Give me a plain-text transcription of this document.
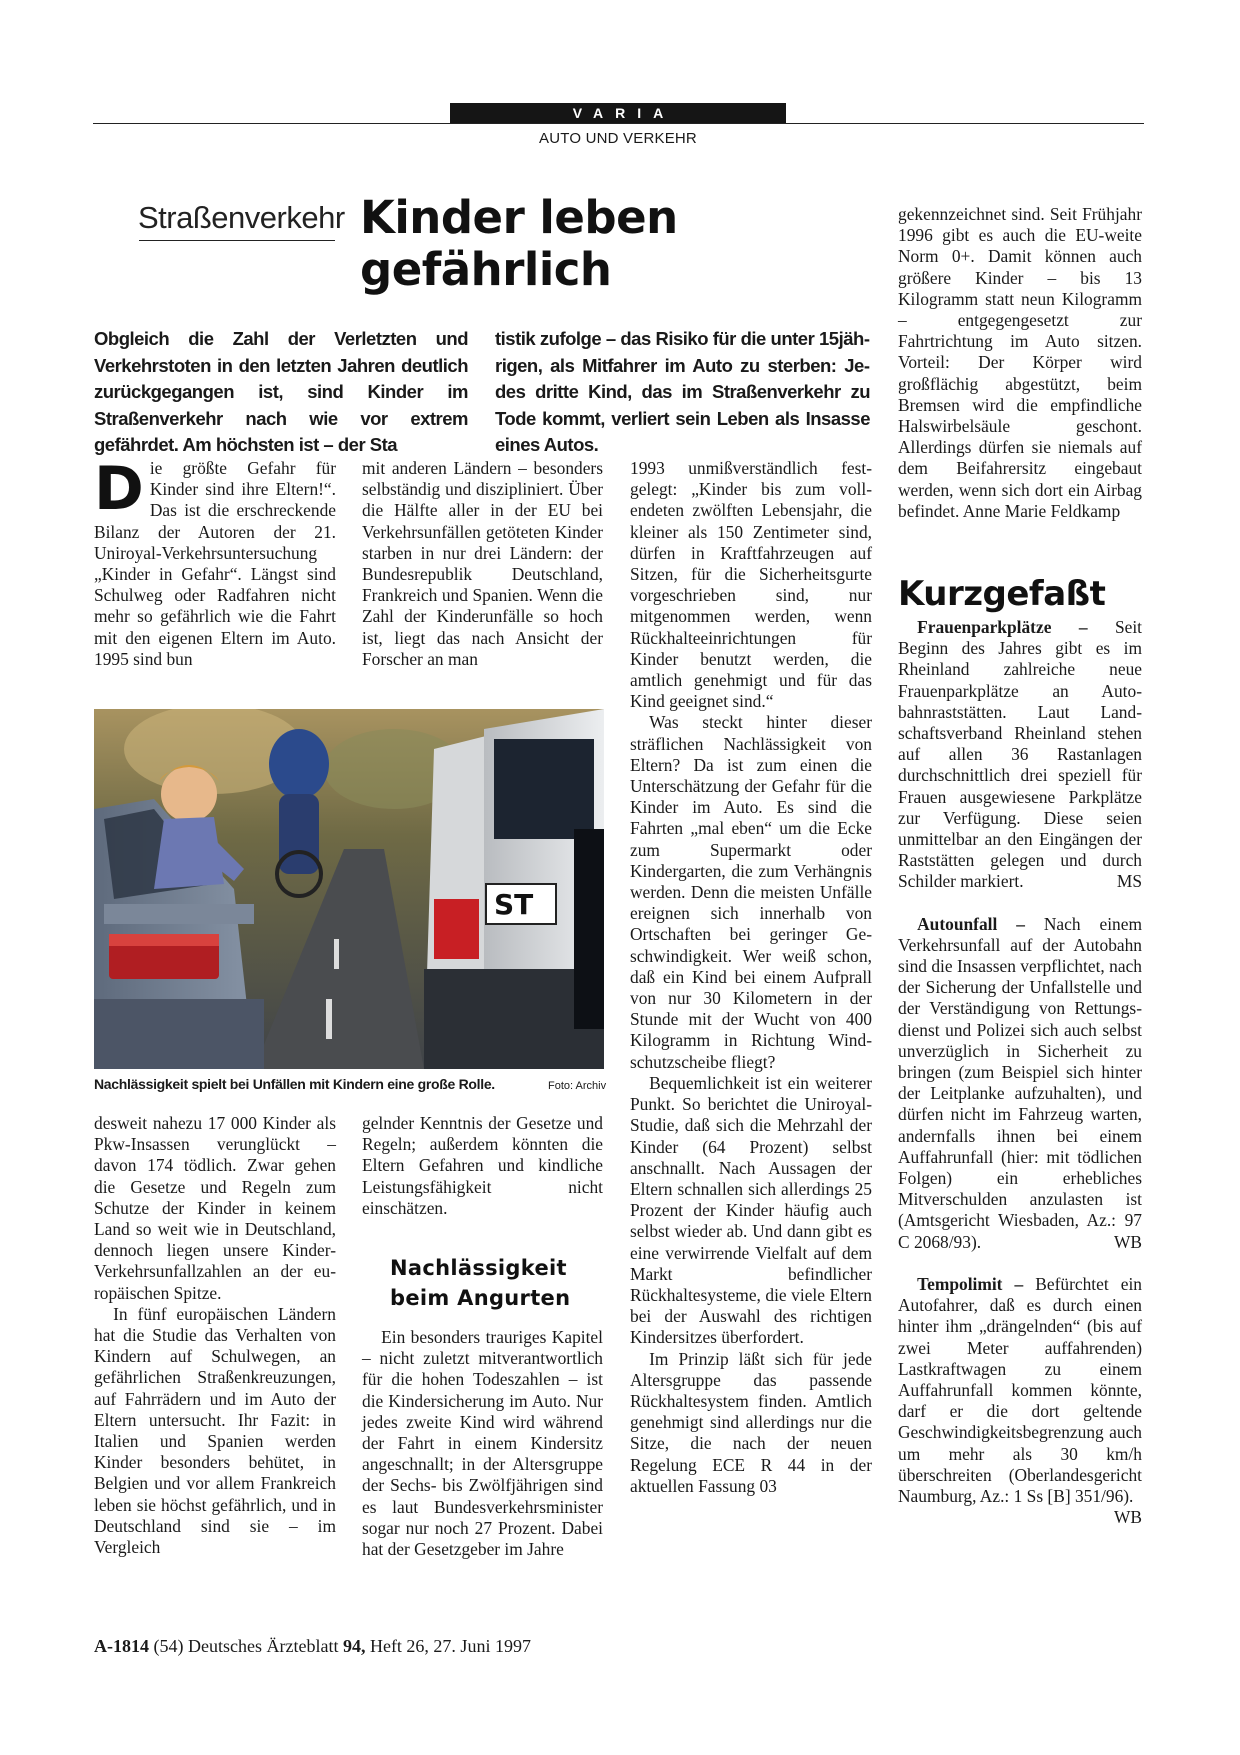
VARIA
AUTO UND VERKEHR
Straßenverkehr Kinder leben
gefährlich
Obgleich die Zahl der Verletzten und Verkehrstoten in den letzten Jahren deutlich zurückgegangen ist, sind Kinder im Straßenverkehr nach wie vor extrem gefährdet. Am höchsten ist – der Sta
tistik zufolge – das Risiko für die unter 15jährigen, als Mitfahrer im Auto zu sterben: Jedes dritte Kind, das im Straßenverkehr zu Tode kommt, verliert sein Leben als Insasse eines Autos.

Die größte Gefahr für Kinder sind ihre Eltern!“. Das ist die erschreckende Bilanz der Autoren der 21. Uniroyal-Verkehrsuntersuchung „Kinder in Gefahr“. Längst sind Schulweg oder Radfahren nicht mehr so gefährlich wie die Fahrt mit den eigenen Eltern im Auto. 1995 sind bun

mit anderen Ländern – besonders selbständig und diszipliniert. Über die Hälfte aller in der EU bei Verkehrsunfällen getöteten Kinder starben in nur drei Ländern: der Bundesrepublik Deutschland, Frankreich und Spanien. Wenn die Zahl der Kinderunfälle so hoch ist, liegt das nach Ansicht der Forscher an man

ST
Nachlässigkeit spielt bei Unfällen mit Kindern eine große Rolle.	Foto: Archiv

desweit nahezu 17 000 Kinder als Pkw-Insassen verunglückt – davon 174 tödlich. Zwar gehen die Gesetze und Regeln zum Schutze der Kinder in keinem Land so weit wie in Deutschland, dennoch liegen unsere Kinder-Verkehrsunfallzahlen an der europäischen Spitze.

In fünf europäischen Ländern hat die Studie das Verhalten von Kindern auf Schulwegen, an gefährlichen Straßenkreuzungen, auf Fahrrädern und im Auto der Eltern untersucht. Ihr Fazit: in Italien und Spanien werden Kinder besonders behütet, in Belgien und vor allem Frankreich leben sie höchst gefährlich, und in Deutschland sind sie – im Vergleich

gelnder Kenntnis der Gesetze und Regeln; außerdem könnten die Eltern Gefahren und kindliche Leistungsfähigkeit nicht einschätzen.

Nachlässigkeit
beim Angurten

Ein besonders trauriges Kapitel – nicht zuletzt mitverantwortlich für die hohen Todeszahlen – ist die Kindersicherung im Auto. Nur jedes zweite Kind wird während der Fahrt in einem Kindersitz angeschnallt; in der Altersgruppe der Sechs- bis Zwölfjährigen sind es laut Bundesverkehrsminister sogar nur noch 27 Prozent. Dabei hat der Gesetzgeber im Jahre

1993 unmißverständlich festgelegt: „Kinder bis zum vollendeten zwölften Lebensjahr, die kleiner als 150 Zentimeter sind, dürfen in Kraftfahrzeugen auf Sitzen, für die Sicherheitsgurte vorgeschrieben sind, nur mitgenommen werden, wenn Rückhalteeinrichtungen für Kinder benutzt werden, die amtlich genehmigt und für das Kind geeignet sind.“

Was steckt hinter dieser sträflichen Nachlässigkeit von Eltern? Da ist zum einen die Unterschätzung der Gefahr für die Kinder im Auto. Es sind die Fahrten „mal eben“ um die Ecke zum Supermarkt oder Kindergarten, die zum Verhängnis werden. Denn die meisten Unfälle ereignen sich innerhalb von Ortschaften bei geringer Geschwindigkeit. Wer weiß schon, daß ein Kind bei einem Aufprall von nur 30 Kilometern in der Stunde mit der Wucht von 400 Kilogramm in Richtung Windschutzscheibe fliegt?

Bequemlichkeit ist ein weiterer Punkt. So berichtet die Uniroyal-Studie, daß sich die Mehrzahl der Kinder (64 Prozent) selbst anschnallt. Nach Aussagen der Eltern schnallen sich allerdings 25 Prozent der Kinder häufig auch selbst wieder ab. Und dann gibt es eine verwirrende Vielfalt auf dem Markt befindlicher Rückhaltesysteme, die viele Eltern bei der Auswahl des richtigen Kindersitzes überfordert.

Im Prinzip läßt sich für jede Altersgruppe das passende Rückhaltesystem finden. Amtlich genehmigt sind allerdings nur die Sitze, die nach der neuen Regelung ECE R 44 in der aktuellen Fassung 03

gekennzeichnet sind. Seit Frühjahr 1996 gibt es auch die EU-weite Norm 0+. Damit können auch größere Kinder – bis 13 Kilogramm statt neun Kilogramm – entgegengesetzt zur Fahrtrichtung im Auto sitzen. Vorteil: Der Körper wird großflächig abgestützt, beim Bremsen wird die empfindliche Halswirbelsäule geschont. Allerdings dürfen sie niemals auf dem Beifahrersitz eingebaut werden, wenn sich dort ein Airbag befindet. Anne Marie Feldkamp

Kurzgefaßt

Frauenparkplätze – Seit Beginn des Jahres gibt es im Rheinland zahlreiche neue Frauenparkplätze an Autobahnraststätten. Laut Landschaftsverband Rheinland stehen auf allen 36 Rastanlagen durchschnittlich drei speziell für Frauen ausgewiesene Parkplätze zur Verfügung. Diese seien unmittelbar an den Eingängen der Raststätten gelegen und durch Schilder markiert.	MS

Autounfall – Nach einem Verkehrsunfall auf der Autobahn sind die Insassen verpflichtet, nach der Sicherung der Unfallstelle und der Verständigung von Rettungsdienst und Polizei sich auch selbst unverzüglich in Sicherheit zu bringen (zum Beispiel sich hinter der Leitplanke aufzuhalten), und dürfen nicht im Fahrzeug warten, andernfalls ihnen bei einem Auffahrunfall (hier: mit tödlichen Folgen) ein erhebliches Mitverschulden anzulasten ist (Amtsgericht Wiesbaden, Az.: 97 C 2068/93).	WB

Tempolimit – Befürchtet ein Autofahrer, daß es durch einen hinter ihm „drängelnden“ (bis auf zwei Meter auffahrenden) Lastkraftwagen zu einem Auffahrunfall kommen könnte, darf er die dort geltende Geschwindigkeitsbegrenzung auch um mehr als 30 km/h überschreiten (Oberlandesgericht Naumburg, Az.: 1 Ss [B] 351/96).
WB

A-1814 (54) Deutsches Ärzteblatt 94, Heft 26, 27. Juni 1997
